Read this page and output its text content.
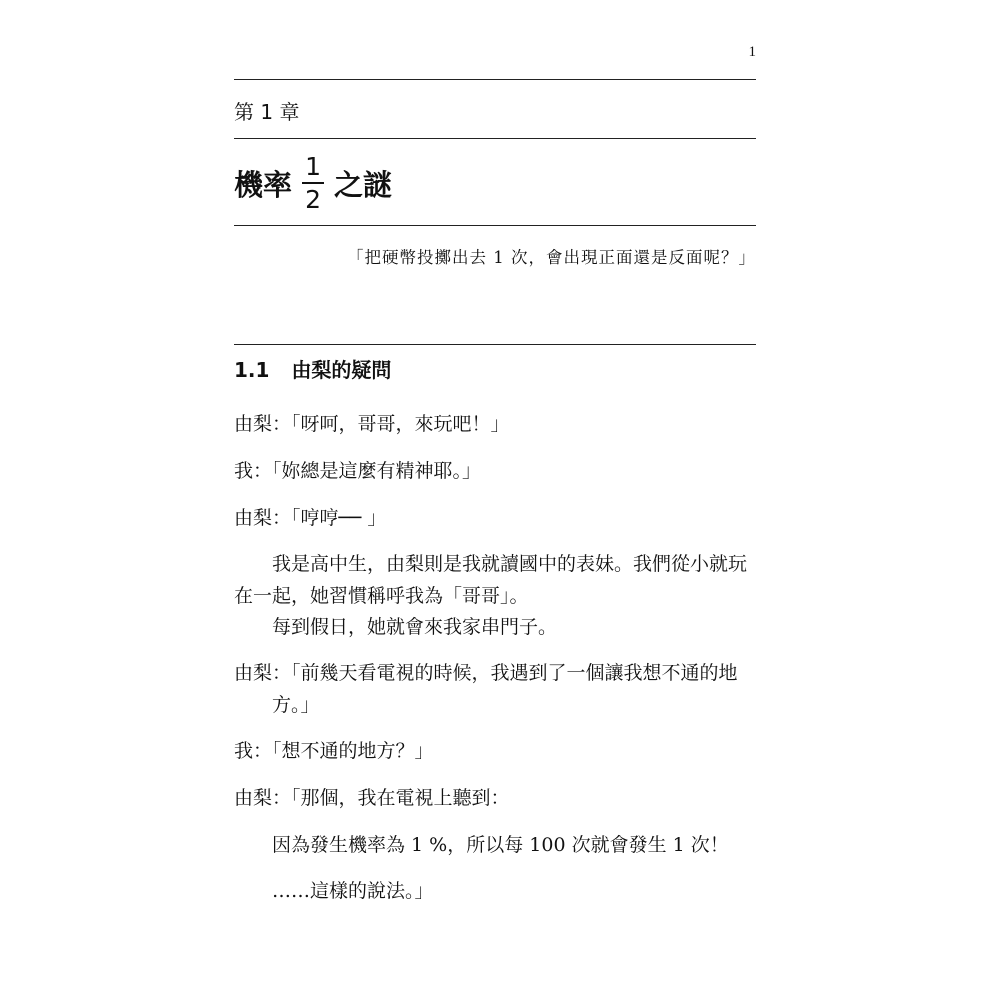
1
第 1 章
機率 $\frac{1}{2}$ 之謎
「把硬幣投擲出去 1 次，會出現正面還是反面呢？」
1.1 由梨的疑問
由梨：「呀呵，哥哥，來玩吧！」
我：「妳總是這麼有精神耶。」
由梨：「哼哼── 」
我是高中生，由梨則是我就讀國中的表妹。我們從小就玩
在一起，她習慣稱呼我為「哥哥」。
每到假日，她就會來我家串門子。
由梨：「前幾天看電視的時候，我遇到了一個讓我想不通的地
方。」
我：「想不通的地方？」
由梨：「那個，我在電視上聽到：
因為發生機率為 1 %，所以每 100 次就會發生 1 次！
……這樣的說法。」
